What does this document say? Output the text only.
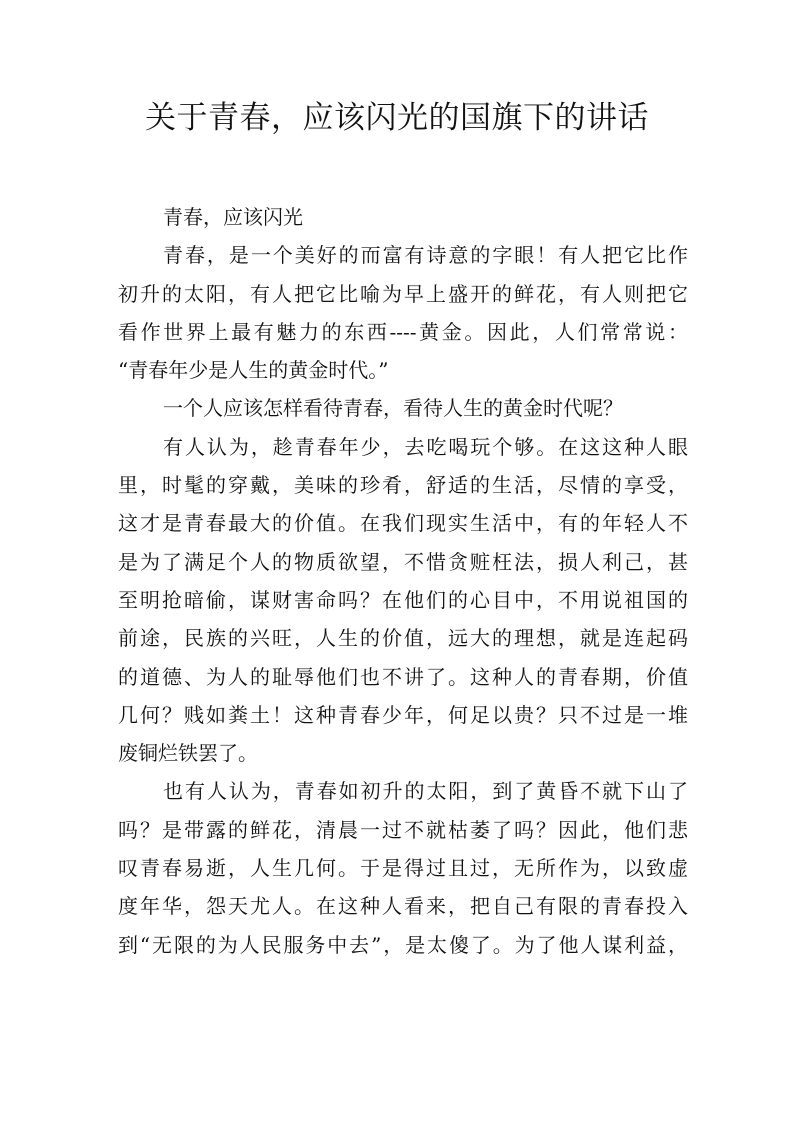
关于青春，应该闪光的国旗下的讲话
青春，应该闪光
青春，是一个美好的而富有诗意的字眼！有人把它比作
初升的太阳，有人把它比喻为早上盛开的鲜花，有人则把它
看作世界上最有魅力的东西----黄金。因此，人们常常说：
“青春年少是人生的黄金时代。”
一个人应该怎样看待青春，看待人生的黄金时代呢？
有人认为，趁青春年少，去吃喝玩个够。在这这种人眼
里，时髦的穿戴，美味的珍肴，舒适的生活，尽情的享受，
这才是青春最大的价值。在我们现实生活中，有的年轻人不
是为了满足个人的物质欲望，不惜贪赃枉法，损人利己，甚
至明抢暗偷，谋财害命吗？在他们的心目中，不用说祖国的
前途，民族的兴旺，人生的价值，远大的理想，就是连起码
的道德、为人的耻辱他们也不讲了。这种人的青春期，价值
几何？贱如粪土！这种青春少年，何足以贵？只不过是一堆
废铜烂铁罢了。
也有人认为，青春如初升的太阳，到了黄昏不就下山了
吗？是带露的鲜花，清晨一过不就枯萎了吗？因此，他们悲
叹青春易逝，人生几何。于是得过且过，无所作为，以致虚
度年华，怨天尤人。在这种人看来，把自己有限的青春投入
到“无限的为人民服务中去”，是太傻了。为了他人谋利益，
